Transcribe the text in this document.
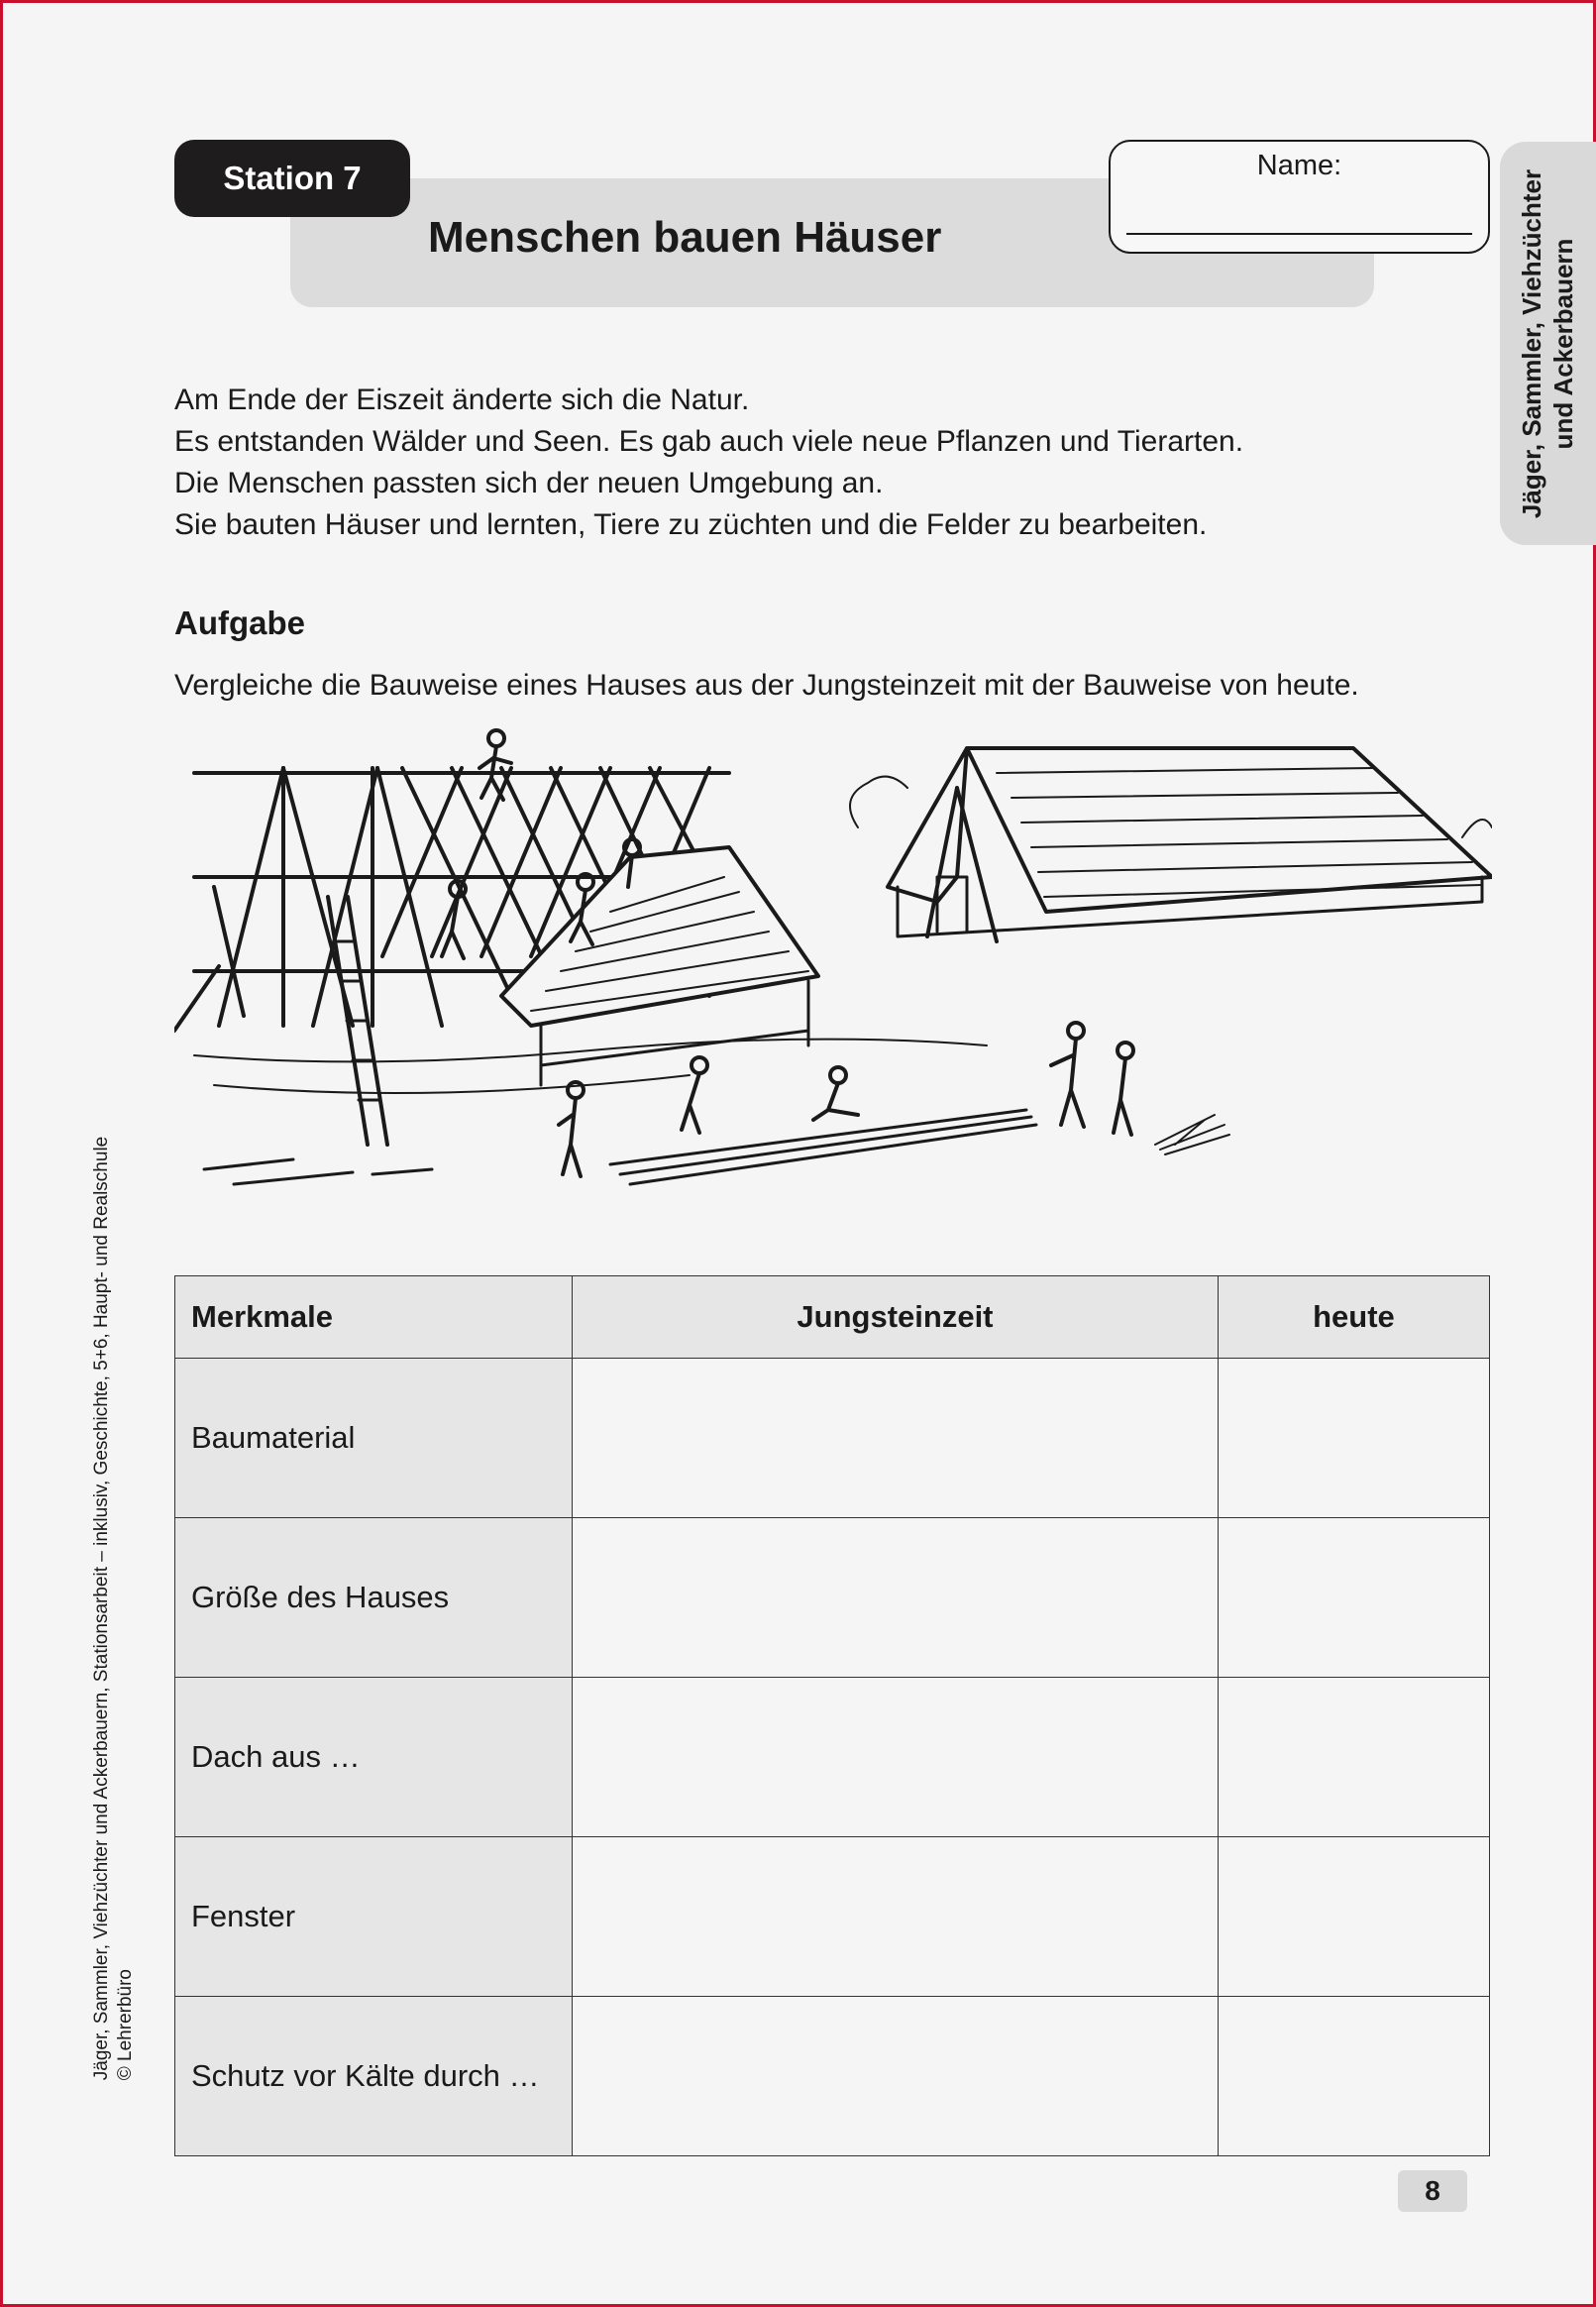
Station 7
Menschen bauen Häuser
Name:
Jäger, Sammler, Viehzüchter und Ackerbauern
Jäger, Sammler, Viehzüchter und Ackerbauern, Stationsarbeit – inklusiv, Geschichte, 5+6, Haupt- und Realschule © Lehrerbüro

Am Ende der Eiszeit änderte sich die Natur.

Es entstanden Wälder und Seen. Es gab auch viele neue Pflanzen und Tierarten.

Die Menschen passten sich der neuen Umgebung an.

Sie bauten Häuser und lernten, Tiere zu züchten und die Felder zu bearbeiten.

Aufgabe
Vergleiche die Bauweise eines Hauses aus der Jungsteinzeit mit der Bauweise von heute.
Merkmale	Jungsteinzeit	heute
Baumaterial		
Größe des Hauses		
Dach aus …		
Fenster		
Schutz vor Kälte durch …		
8
